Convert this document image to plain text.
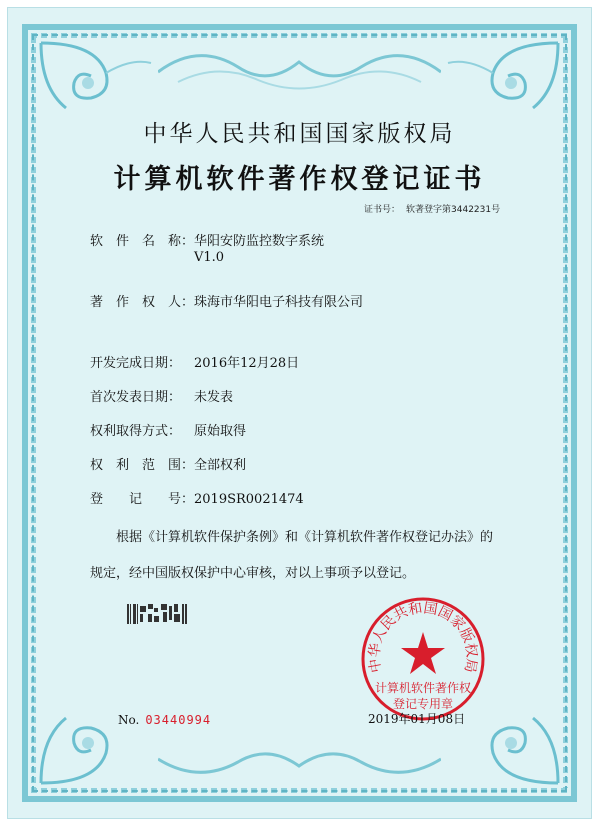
中华人民共和国国家版权局
计算机软件著作权登记证书
证书号： 软著登字第3442231号
软　件　名　称：华阳安防监控数字系统
V1.0
著　作　权　人：珠海市华阳电子科技有限公司
开发完成日期： 2016年12月28日
首次发表日期： 未发表
权利取得方式： 原始取得
权　利　范　围：全部权利
登　　记　　号：2019SR0021474
根据《计算机软件保护条例》和《计算机软件著作权登记办法》的
规定，经中国版权保护中心审核，对以上事项予以登记。
中华人民共和国国家版权局
计算机软件著作权
登记专用章
No. 03440994	2019年01月08日
